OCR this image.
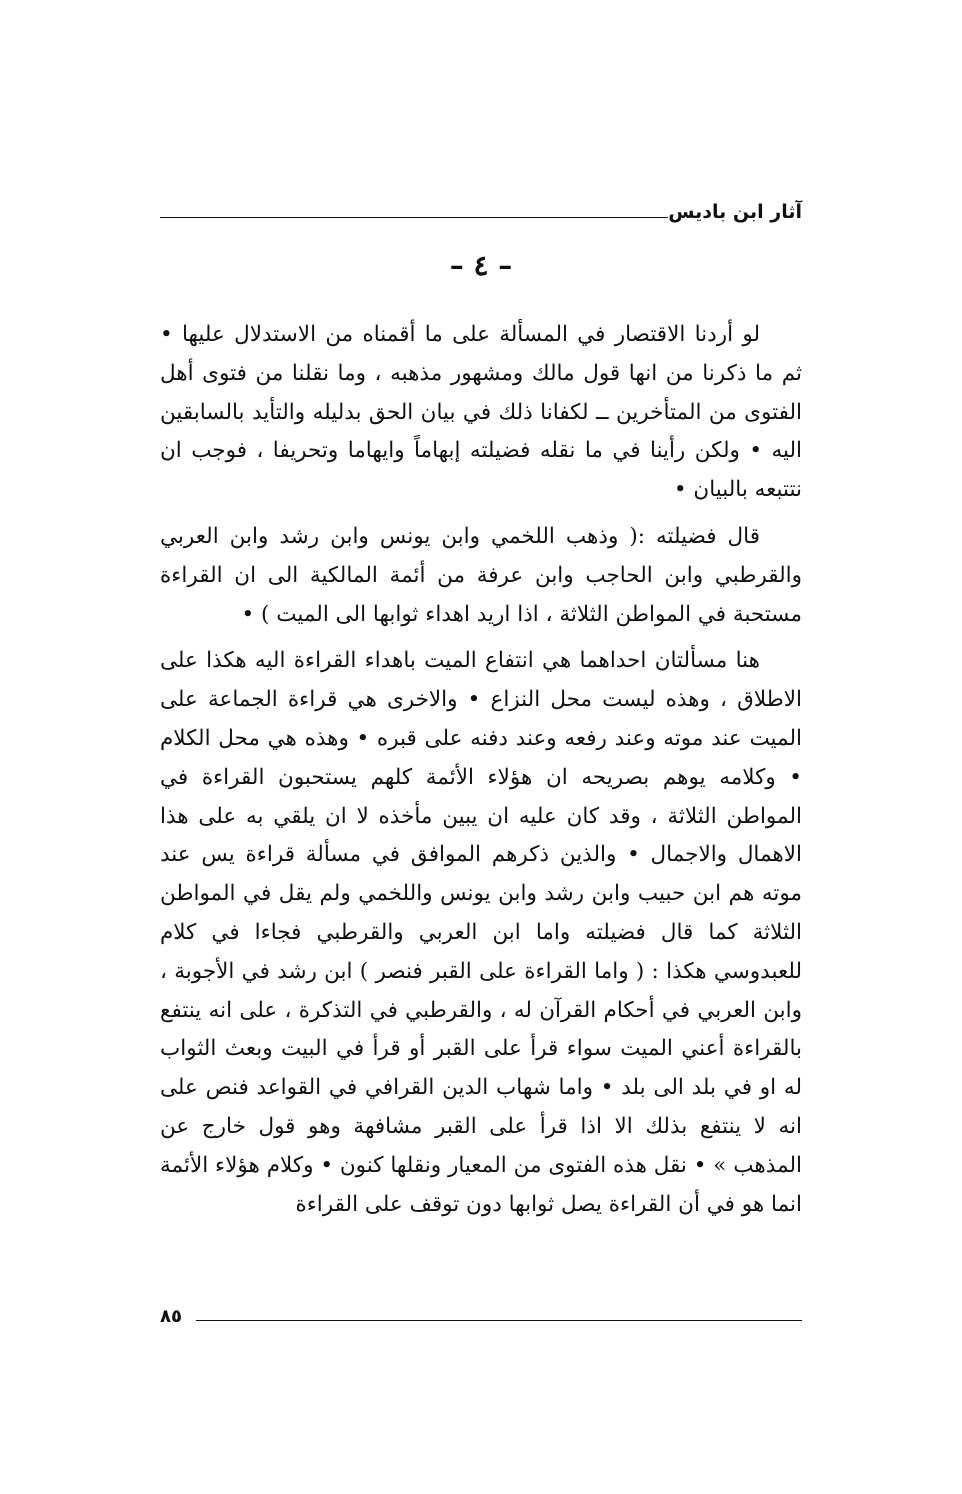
آثار ابن باديس
– ٤ –

لو أردنا الاقتصار في المسألة على ما أقمناه من الاستدلال عليها • ثم ما ذكرنا من انها قول مالك ومشهور مذهبه ، وما نقلنا من فتوى أهل الفتوى من المتأخرين ــ لكفانا ذلك في بيان الحق بدليله والتأيد بالسابقين اليه • ولكن رأينا في ما نقله فضيلته إبهاماً وايهاما وتحريفا ، فوجب ان نتتبعه بالبيان •

قال فضيلته :( وذهب اللخمي وابن يونس وابن رشد وابن العربي والقرطبي وابن الحاجب وابن عرفة من أئمة المالكية الى ان القراءة مستحبة في المواطن الثلاثة ، اذا اريد اهداء ثوابها الى الميت ) •

هنا مسألتان احداهما هي انتفاع الميت باهداء القراءة اليه هكذا على الاطلاق ، وهذه ليست محل النزاع • والاخرى هي قراءة الجماعة على الميت عند موته وعند رفعه وعند دفنه على قبره • وهذه هي محل الكلام • وكلامه يوهم بصريحه ان هؤلاء الأئمة كلهم يستحبون القراءة في المواطن الثلاثة ، وقد كان عليه ان يبين مأخذه لا ان يلقي به على هذا الاهمال والاجمال • والذين ذكرهم الموافق في مسألة قراءة يس عند موته هم ابن حبيب وابن رشد وابن يونس واللخمي ولم يقل في المواطن الثلاثة كما قال فضيلته واما ابن العربي والقرطبي فجاءا في كلام للعبدوسي هكذا : ( واما القراءة على القبر فنصر ) ابن رشد في الأجوبة ، وابن العربي في أحكام القرآن له ، والقرطبي في التذكرة ، على انه ينتفع بالقراءة أعني الميت سواء قرأ على القبر أو قرأ في البيت وبعث الثواب له او في بلد الى بلد • واما شهاب الدين القرافي في القواعد فنص على انه لا ينتفع بذلك الا اذا قرأ على القبر مشافهة وهو قول خارج عن المذهب » • نقل هذه الفتوى من المعيار ونقلها كنون • وكلام هؤلاء الأئمة انما هو في أن القراءة يصل ثوابها دون توقف على القراءة

٨٥
